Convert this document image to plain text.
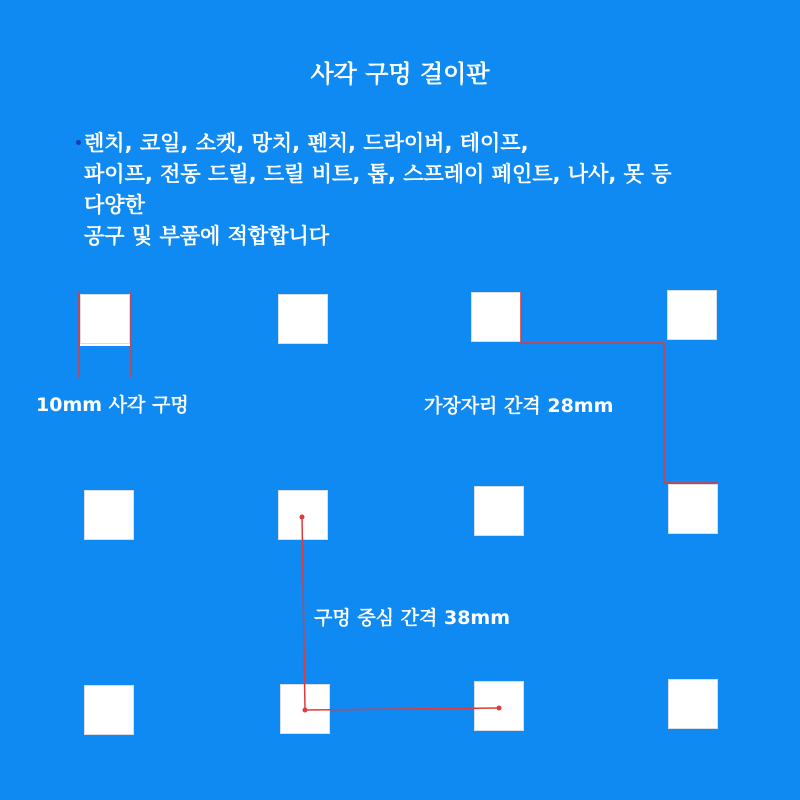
사각 구멍 걸이판
렌치, 코일, 소켓, 망치, 펜치, 드라이버, 테이프,
파이프, 전동 드릴, 드릴 비트, 톱, 스프레이 페인트, 나사, 못 등
다양한
공구 및 부품에 적합합니다
10mm 사각 구멍	가장자리 간격 28mm
구멍 중심 간격 38mm
